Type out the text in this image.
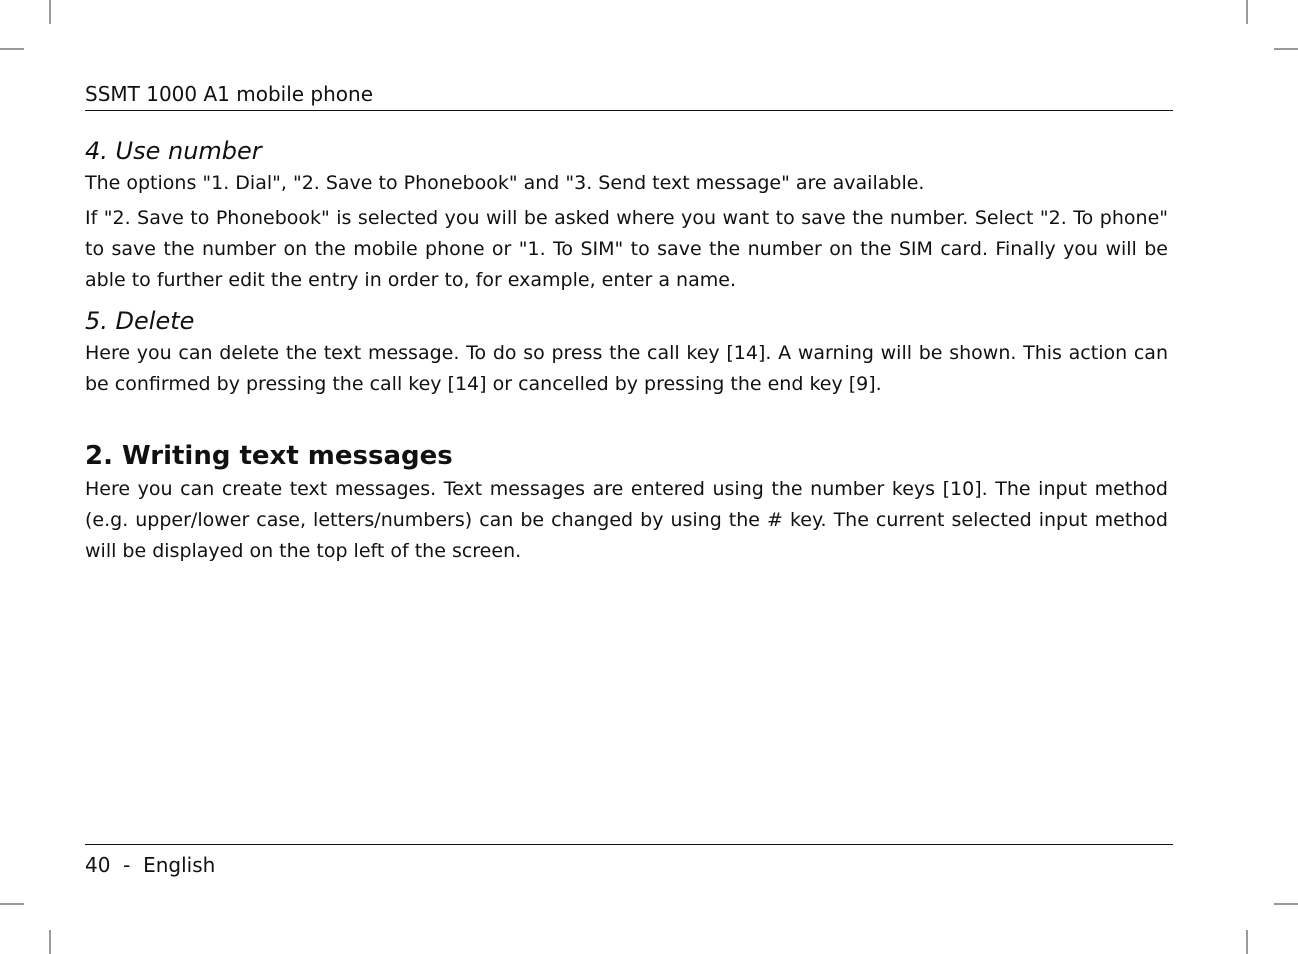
SSMT 1000 A1 mobile phone
4. Use number

The options "1. Dial", "2. Save to Phonebook" and "3. Send text message" are available.

If "2. Save to Phonebook" is selected you will be asked where you want to save the number. Select "2. To phone" to save the number on the mobile phone or "1. To SIM" to save the number on the SIM card. Finally you will be able to further edit the entry in order to, for example, enter a name.

5. Delete

Here you can delete the text message. To do so press the call key [14]. A warning will be shown. This action can be confirmed by pressing the call key [14] or cancelled by pressing the end key [9].

2. Writing text messages

Here you can create text messages. Text messages are entered using the number keys [10]. The input method (e.g. upper/lower case, letters/numbers) can be changed by using the # key. The current selected input method will be displayed on the top left of the screen.

40  -  English
